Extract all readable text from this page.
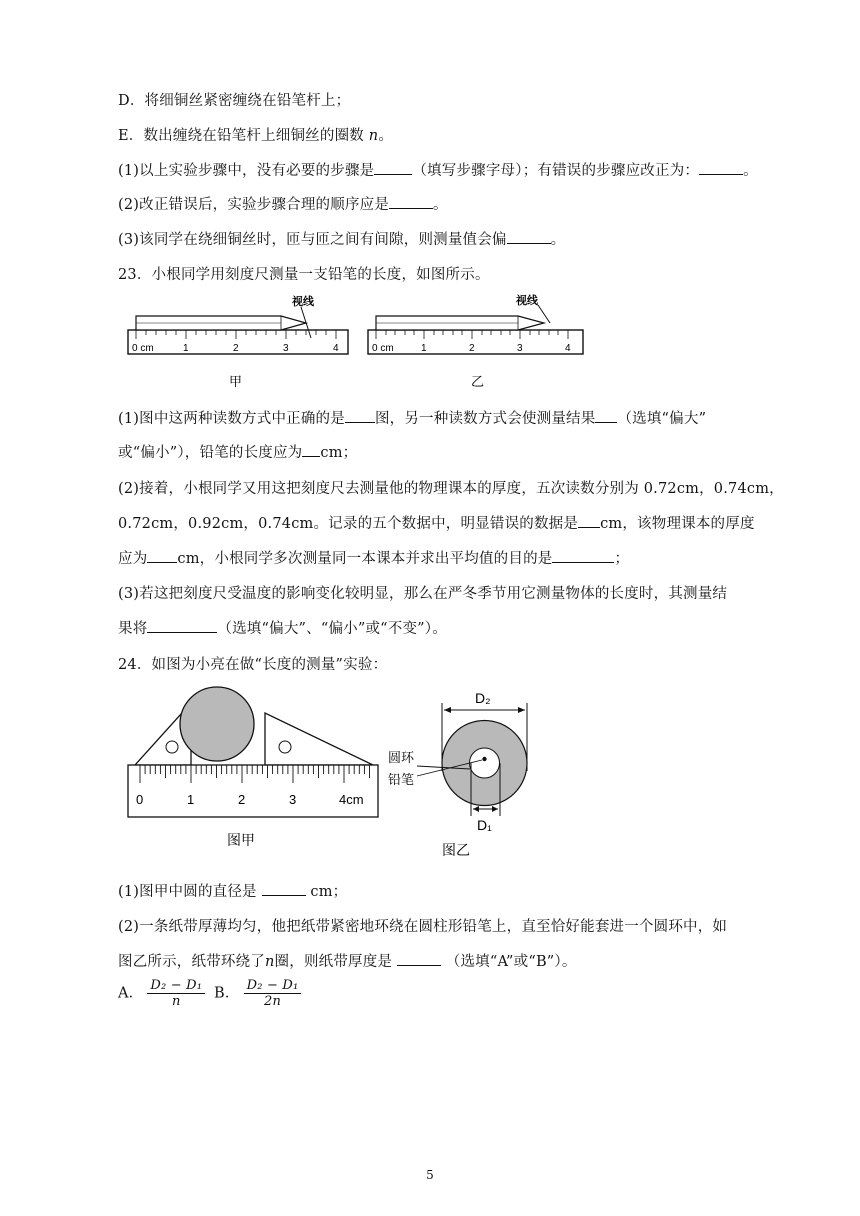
D．将细铜丝紧密缠绕在铅笔杆上；
E．数出缠绕在铅笔杆上细铜丝的圈数 n。
(1)以上实验步骤中，没有必要的步骤是	（填写步骤字母）；有错误的步骤应改正为：	。
(2)改正错误后，实验步骤合理的顺序应是	。
(3)该同学在绕细铜丝时，匝与匝之间有间隙，则测量值会偏	。
23．小根同学用刻度尺测量一支铅笔的长度，如图所示。
0 cm	1	2	3	4
视线
甲
0 cm	1	2	3	4
视线
乙
(1)图中这两种读数方式中正确的是 图，另一种读数方式会使测量结果 （选填“偏大”
或“偏小”），铅笔的长度应为 cm；
(2)接着，小根同学又用这把刻度尺去测量他的物理课本的厚度，五次读数分别为 0.72cm，0.74cm，
0.72cm，0.92cm，0.74cm。记录的五个数据中，明显错误的数据是 cm，该物理课本的厚度
应为 cm，小根同学多次测量同一本课本并求出平均值的目的是	；
(3)若这把刻度尺受温度的影响变化较明显，那么在严冬季节用它测量物体的长度时，其测量结
果将	（选填“偏大”、“偏小”或“不变”）。
24．如图为小亮在做“长度的测量”实验：
0	1	2	3	4cm
图甲
D₂
D₁
圆环
铅笔
图乙
(1)图甲中圆的直径是	cm；
(2)一条纸带厚薄均匀，他把纸带紧密地环绕在圆柱形铅笔上，直至恰好能套进一个圆环中，如
图乙所示，纸带环绕了n圈，则纸带厚度是	（选填“A”或“B”）。
A． $\frac{\text{D₂ − D₁}}{n}$ B． $\frac{\text{D₂ − D₁}}{2n}$
5
